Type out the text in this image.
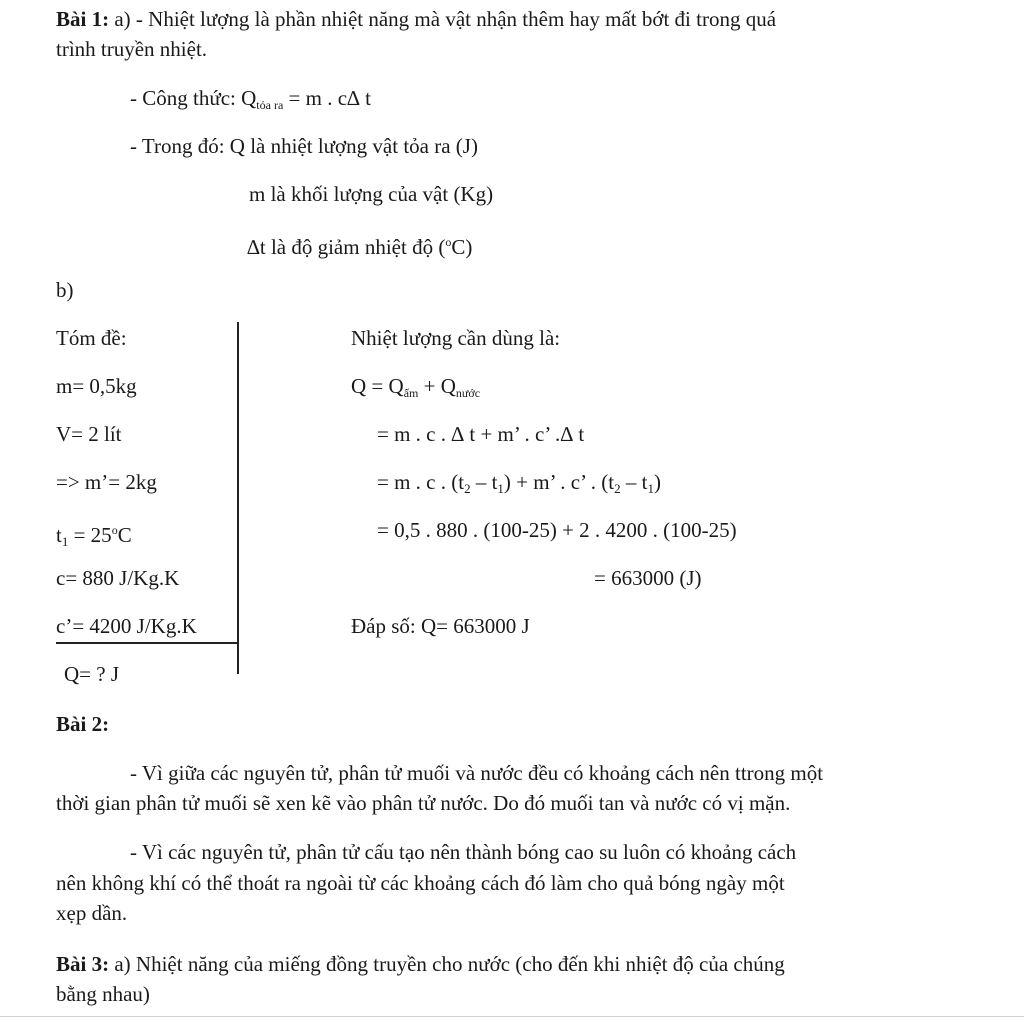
Bài 1: a) - Nhiệt lượng là phần nhiệt năng mà vật nhận thêm hay mất bớt đi trong quá
trình truyền nhiệt.
- Công thức: $Q_{tỏa ra} = m$ . c∆ t
- Trong đó: Q là nhiệt lượng vật tỏa ra (J)
m là khối lượng của vật (Kg)
∆t là độ giảm nhiệt độ ($^o$C)
b)
Tóm đề:
m= 0,5kg
V= 2 lít
=> m’= 2kg
$t_1 = 25^oC$
c= 880 J/Kg.K
c’= 4200 J/Kg.K
Q= ? J
Nhiệt lượng cần dùng là:
$Q = Q_{ấm} + Q_{nước}$
= m . c . ∆ t + m’ . c’ .∆ t
= m . c . $(t_2 - t_1) + m$’ . c’ . $(t_2 - t_1)$
= 0,5 . 880 . (100-25) + 2 . 4200 . (100-25)
= 663000 (J)
Đáp số: Q= 663000 J
Bài 2:
- Vì giữa các nguyên tử, phân tử muối và nước đều có khoảng cách nên ttrong một
thời gian phân tử muối sẽ xen kẽ vào phân tử nước. Do đó muối tan và nước có vị mặn.
- Vì các nguyên tử, phân tử cấu tạo nên thành bóng cao su luôn có khoảng cách
nên không khí có thể thoát ra ngoài từ các khoảng cách đó làm cho quả bóng ngày một
xẹp dần.
Bài 3: a) Nhiệt năng của miếng đồng truyền cho nước (cho đến khi nhiệt độ của chúng
bằng nhau)
